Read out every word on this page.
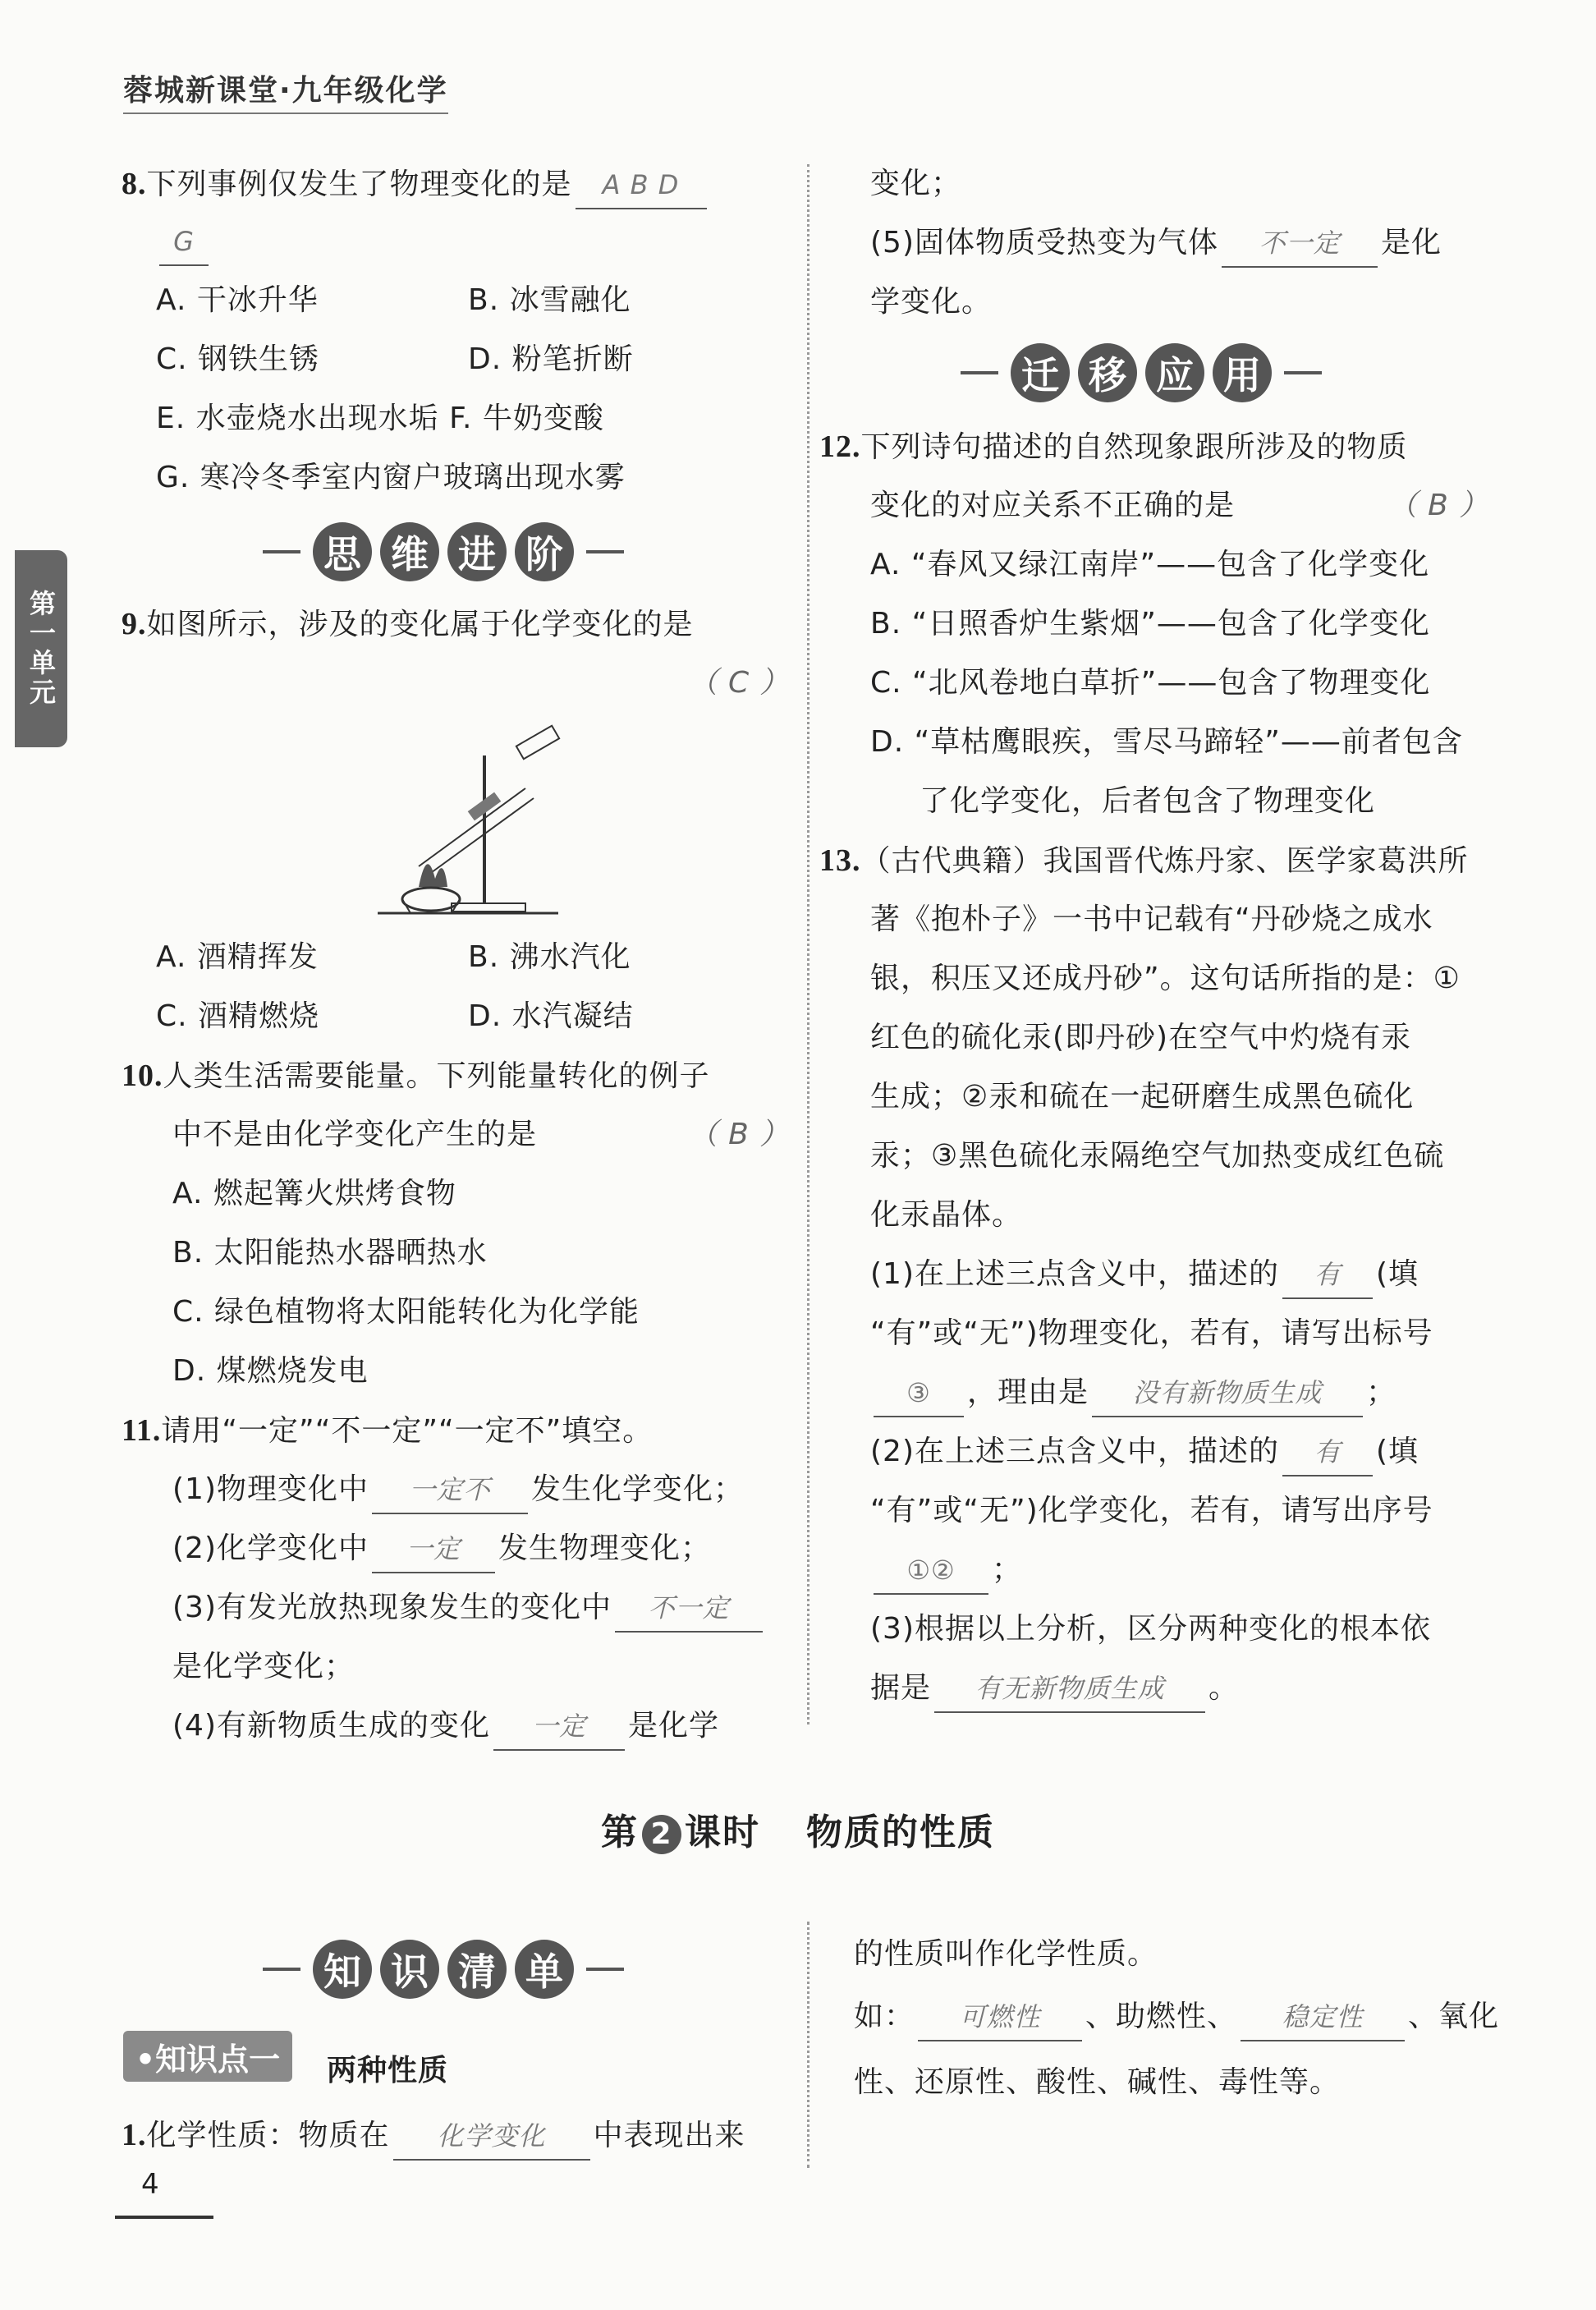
蓉城新课堂·九年级化学
第一单元
8.下列事例仅发生了物理变化的是 A B D
G
A. 干冰升华	B. 冰雪融化
C. 钢铁生锈	D. 粉笔折断
E. 水壶烧水出现水垢 F. 牛奶变酸
G. 寒冷冬季室内窗户玻璃出现水雾
思 维 进 阶
9.如图所示，涉及的变化属于化学变化的是
（ C ）
A. 酒精挥发	B. 沸水汽化
C. 酒精燃烧	D. 水汽凝结
10.人类生活需要能量。下列能量转化的例子
中不是由化学变化产生的是	（ B ）
A. 燃起篝火烘烤食物
B. 太阳能热水器晒热水
C. 绿色植物将太阳能转化为化学能
D. 煤燃烧发电
11.请用“一定”“不一定”“一定不”填空。
(1)物理变化中 一定不 发生化学变化；
(2)化学变化中 一定 发生物理变化；
(3)有发光放热现象发生的变化中 不一定
是化学变化；
(4)有新物质生成的变化 一定 是化学
变化；
(5)固体物质受热变为气体 不一定 是化
学变化。
迁 移 应 用
12.下列诗句描述的自然现象跟所涉及的物质
变化的对应关系不正确的是	（ B ）
A. “春风又绿江南岸”——包含了化学变化
B. “日照香炉生紫烟”——包含了化学变化
C. “北风卷地白草折”——包含了物理变化
D. “草枯鹰眼疾，雪尽马蹄轻”——前者包含
了化学变化，后者包含了物理变化
13.（古代典籍）我国晋代炼丹家、医学家葛洪所
著《抱朴子》一书中记载有“丹砂烧之成水
银，积压又还成丹砂”。这句话所指的是：①
红色的硫化汞(即丹砂)在空气中灼烧有汞
生成；②汞和硫在一起研磨生成黑色硫化
汞；③黑色硫化汞隔绝空气加热变成红色硫
化汞晶体。
(1)在上述三点含义中，描述的 有 (填
“有”或“无”)物理变化，若有，请写出标号
③ ，理由是 没有新物质生成 ；
(2)在上述三点含义中，描述的 有 (填
“有”或“无”)化学变化，若有，请写出序号
①② ；
(3)根据以上分析，区分两种变化的根本依
据是 有无新物质生成 。
第 2 课时 物质的性质
知 识 清 单
•知识点一	两种性质
1.化学性质：物质在 化学变化 中表现出来
的性质叫作化学性质。
如： 可燃性 、助燃性、 稳定性 、氧化
性、还原性、酸性、碱性、毒性等。
4
